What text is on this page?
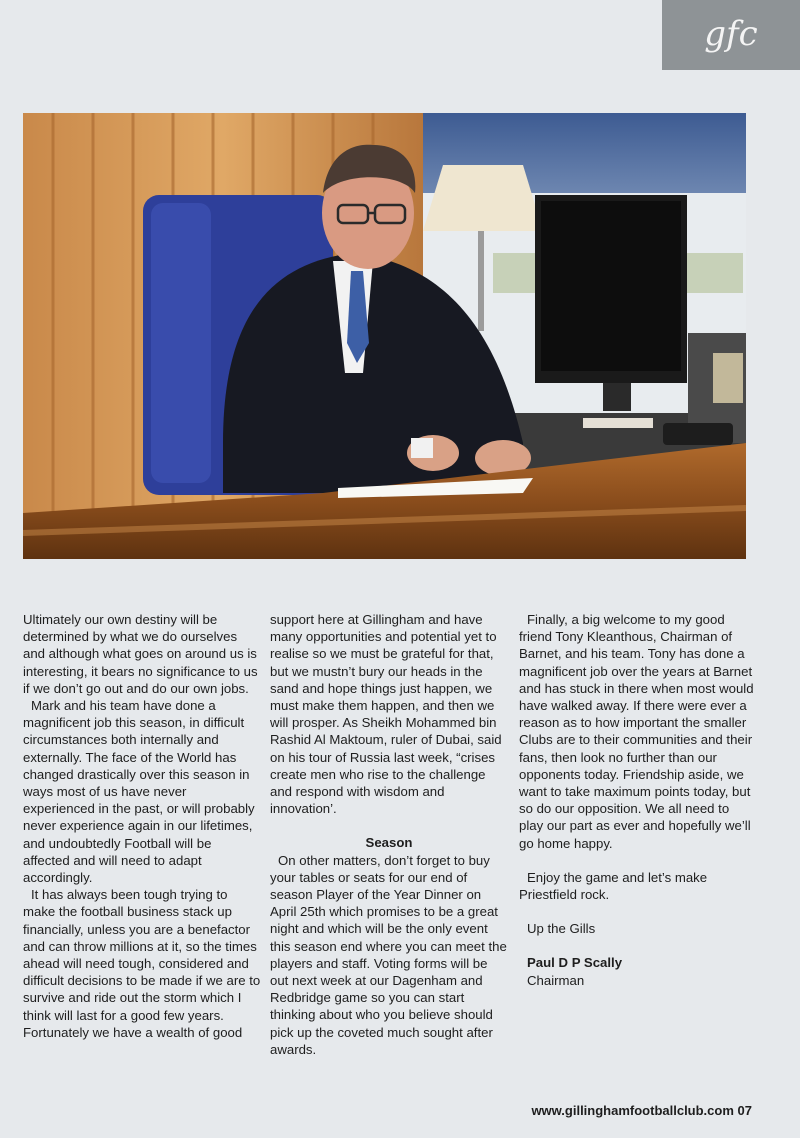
gfc

Ultimately our own destiny will be determined by what we do ourselves and although what goes on around us is interesting, it bears no significance to us if we don’t go out and do our own jobs.

Mark and his team have done a magnificent job this season, in difficult circumstances both internally and externally. The face of the World has changed drastically over this season in ways most of us have never experienced in the past, or will probably never experience again in our lifetimes, and undoubtedly Football will be affected and will need to adapt accordingly.

It has always been tough trying to make the football business stack up financially, unless you are a benefactor and can throw millions at it, so the times ahead will need tough, considered and difficult decisions to be made if we are to survive and ride out the storm which I think will last for a good few years. Fortunately we have a wealth of good

support here at Gillingham and have many opportunities and potential yet to realise so we must be grateful for that, but we mustn’t bury our heads in the sand and hope things just happen, we must make them happen, and then we will prosper. As Sheikh Mohammed bin Rashid Al Maktoum, ruler of Dubai, said on his tour of Russia last week, “crises create men who rise to the challenge and respond with wisdom and innovation’.

Season

On other matters, don’t forget to buy your tables or seats for our end of season Player of the Year Dinner on April 25th which promises to be a great night and which will be the only event this season end where you can meet the players and staff. Voting forms will be out next week at our Dagenham and Redbridge game so you can start thinking about who you believe should pick up the coveted much sought after awards.

Finally, a big welcome to my good friend Tony Kleanthous, Chairman of Barnet, and his team. Tony has done a magnificent job over the years at Barnet and has stuck in there when most would have walked away. If there were ever a reason as to how important the smaller Clubs are to their communities and their fans, then look no further than our opponents today. Friendship aside, we want to take maximum points today, but so do our opposition. We all need to play our part as ever and hopefully we’ll go home happy.

Enjoy the game and let’s make Priestfield rock.

Up the Gills

Paul D P Scally

Chairman

www.gillinghamfootballclub.com 07
